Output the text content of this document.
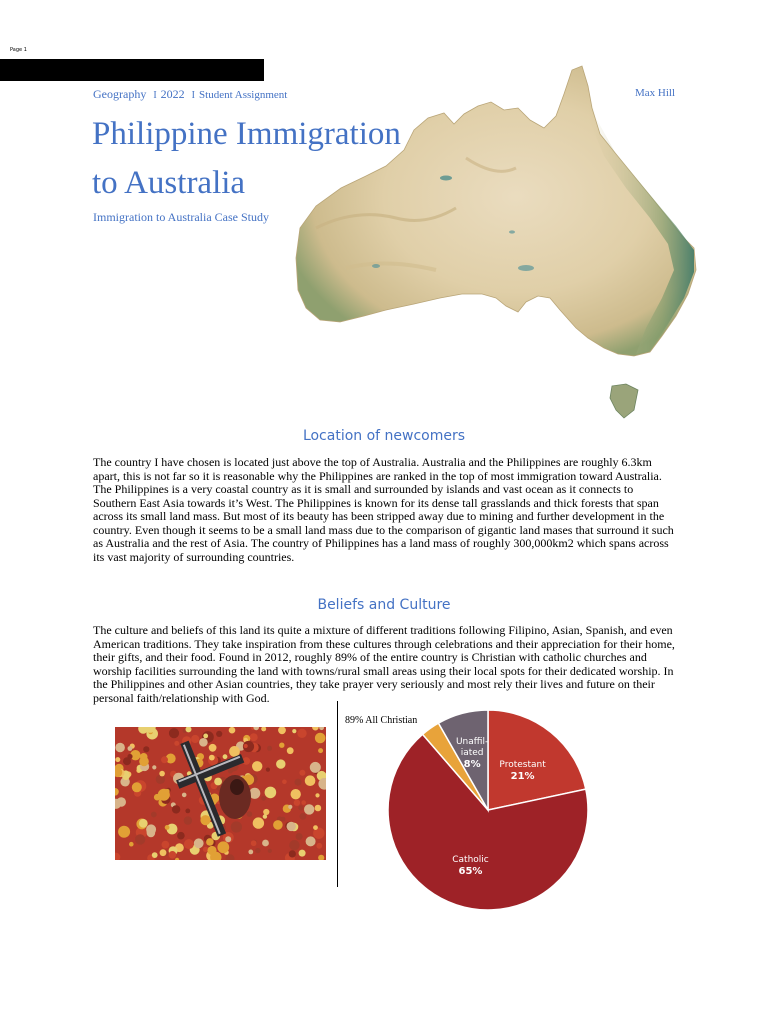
Page 1
Geography I 2022 I Student Assignment	Max Hill
Philippine Immigration
to Australia
Immigration to Australia Case Study
Location of newcomers

The country I have chosen is located just above the top of Australia. Australia and the Philippines are roughly 6.3km apart, this is not far so it is reasonable why the Philippines are ranked in the top of most immigration toward Australia. The Philippines is a very coastal country as it is small and surrounded by islands and vast ocean as it connects to Southern East Asia towards it’s West. The Philippines is known for its dense tall grasslands and thick forests that span across its small land mass. But most of its beauty has been stripped away due to mining and further development in the country. Even though it seems to be a small land mass due to the comparison of gigantic land mases that surround it such as Australia and the rest of Asia. The country of Philippines has a land mass of roughly 300,000km2 which spans across its vast majority of surrounding countries.

Beliefs and Culture

The culture and beliefs of this land its quite a mixture of different traditions following Filipino, Asian, Spanish, and even American traditions. They take inspiration from these cultures through celebrations and their appreciation for their home, their gifts, and their food. Found in 2012, roughly 89% of the entire country is Christian with catholic churches and worship facilities surrounding the land with towns/rural small areas using their local spots for their dedicated worship. In the Philippines and other Asian countries, they take prayer very seriously and most rely their lives and future on their personal faith/relationship with God.

89% All Christian
Protestant 21%
Catholic 65%
Unaffil-iated 8%
